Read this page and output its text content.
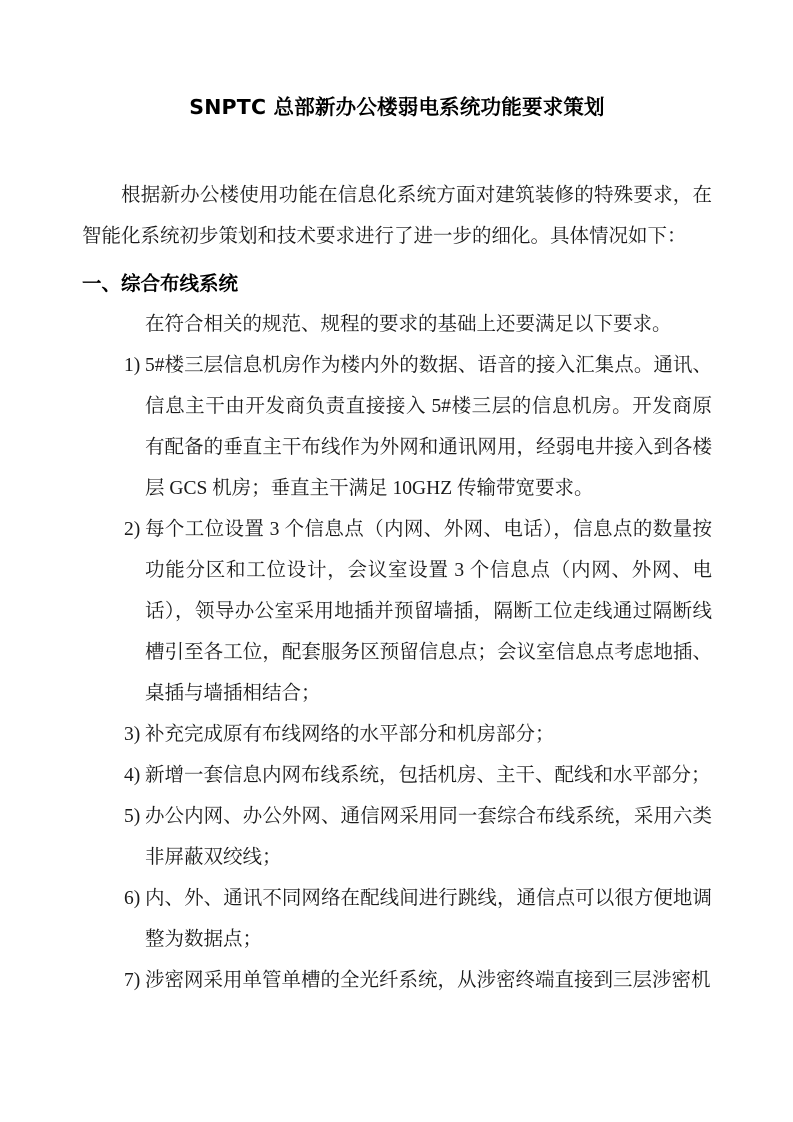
SNPTC 总部新办公楼弱电系统功能要求策划

根据新办公楼使用功能在信息化系统方面对建筑装修的特殊要求，在智能化系统初步策划和技术要求进行了进一步的细化。具体情况如下：

一、综合布线系统

在符合相关的规范、规程的要求的基础上还要满足以下要求。

1) 5#楼三层信息机房作为楼内外的数据、语音的接入汇集点。通讯、信息主干由开发商负责直接接入 5#楼三层的信息机房。开发商原有配备的垂直主干布线作为外网和通讯网用，经弱电井接入到各楼层 GCS 机房；垂直主干满足 10GHZ 传输带宽要求。
2) 每个工位设置 3 个信息点（内网、外网、电话），信息点的数量按功能分区和工位设计，会议室设置 3 个信息点（内网、外网、电话），领导办公室采用地插并预留墙插，隔断工位走线通过隔断线槽引至各工位，配套服务区预留信息点；会议室信息点考虑地插、桌插与墙插相结合；
3) 补充完成原有布线网络的水平部分和机房部分；
4) 新增一套信息内网布线系统，包括机房、主干、配线和水平部分；
5) 办公内网、办公外网、通信网采用同一套综合布线系统，采用六类非屏蔽双绞线；
6) 内、外、通讯不同网络在配线间进行跳线，通信点可以很方便地调整为数据点；
7) 涉密网采用单管单槽的全光纤系统，从涉密终端直接到三层涉密机
